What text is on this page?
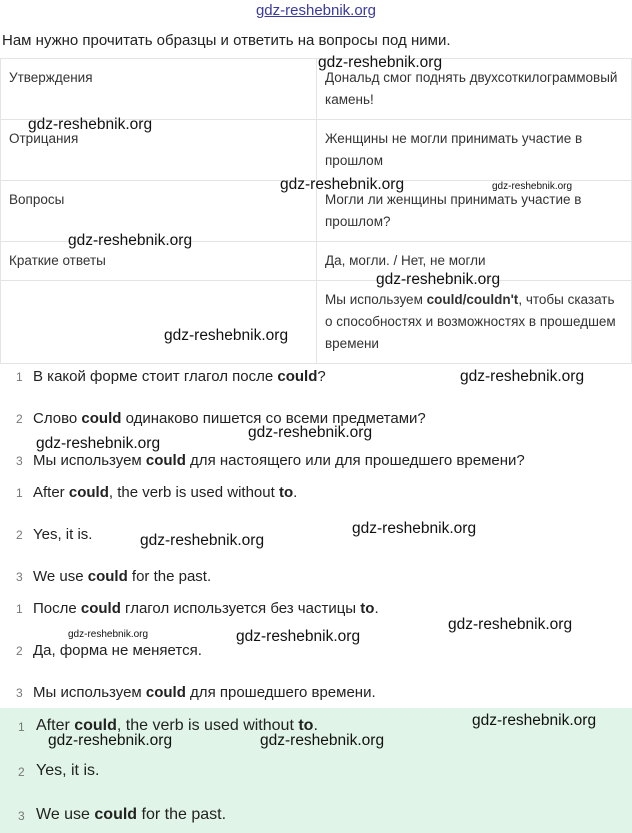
gdz-reshebnik.org
Нам нужно прочитать образцы и ответить на вопросы под ними.
Утверждения	Дональд смог поднять двухсоткилограммовый камень!
Отрицания	Женщины не могли принимать участие в прошлом
Вопросы	Могли ли женщины принимать участие в прошлом?
Краткие ответы	Да, могли. / Нет, не могли
	Мы используем could/couldn't, чтобы сказать о способностях и возможностях в прошедшем времени
1 В какой форме стоит глагол после could?
2 Слово could одинаково пишется со всеми предметами?
3 Мы используем could для настоящего или для прошедшего времени?
1 After could, the verb is used without to.
2 Yes, it is.
3 We use could for the past.
1 После could глагол используется без частицы to.
2 Да, форма не меняется.
3 Мы используем could для прошедшего времени.
1 After could, the verb is used without to.
2 Yes, it is.
3 We use could for the past.
gdz-reshebnik.org
gdz-reshebnik.org
gdz-reshebnik.org	gdz-reshebnik.org
gdz-reshebnik.org
gdz-reshebnik.org
gdz-reshebnik.org
gdz-reshebnik.org
gdz-reshebnik.org
gdz-reshebnik.org
gdz-reshebnik.org
gdz-reshebnik.org
gdz-reshebnik.org
gdz-reshebnik.org	gdz-reshebnik.org
gdz-reshebnik.org
gdz-reshebnik.org	gdz-reshebnik.org
